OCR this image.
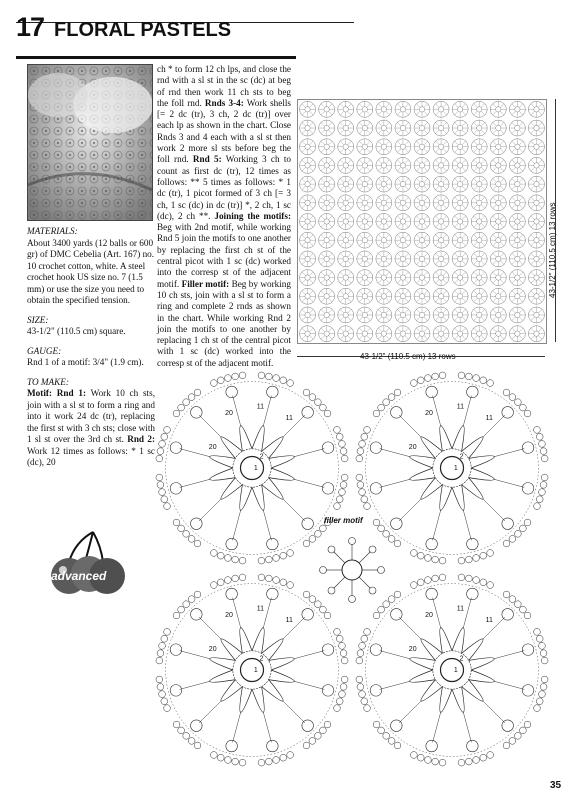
17 FLORAL PASTELS

MATERIALS:
About 3400 yards (12 balls or 600 gr) of DMC Cebelia (Art. 167) no. 10 crochet cotton, white. A steel crochet hook US size no. 7 (1.5 mm) or use the size you need to obtain the specified tension.

SIZE:
43-1/2" (110.5 cm) square.

GAUGE:
Rnd 1 of a motif: 3/4" (1.9 cm).

TO MAKE:
Motif: Rnd 1: Work 10 ch sts, join with a sl st to form a ring and into it work 24 dc (tr), replacing the first st with 3 ch sts; close with 1 sl st over the 3rd ch st. Rnd 2: Work 12 times as follows: * 1 sc (dc), 20

ch * to form 12 ch lps, and close the rnd with a sl st in the sc (dc) at beg of rnd then work 11 ch sts to beg the foll rnd. Rnds 3-4: Work shells [= 2 dc (tr), 3 ch, 2 dc (tr)] over each lp as shown in the chart. Close Rnds 3 and 4 each with a sl st then work 2 more sl sts before beg the foll rnd. Rnd 5: Working 3 ch to count as first dc (tr), 12 times as follows: ** 5 times as follows: * 1 dc (tr), 1 picot formed of 3 ch [= 3 ch, 1 sc (dc) in dc (tr)] *, 2 ch, 1 sc (dc), 2 ch **. Joining the motifs: Beg with 2nd motif, while working Rnd 5 join the motifs to one another by replacing the first ch st of the central picot with 1 sc (dc) worked into the corresp st of the adjacent motif. Filler motif: Beg by working 10 ch sts, join with a sl st to form a ring and complete 2 rnds as shown in the chart. While working Rnd 2 join the motifs to one another by replacing 1 ch st of the central picot with 1 sc (dc) worked into the corresp st of the adjacent motif.

43-1/2" (110.5 cm) 13 rows
43-1/2" (110.5 cm) 13 rows
advanced
20
11
11
20
2
1
20
11
11
20
2
1
20
11
11
20
2
1
20
11
11
20
2
1
filler motif
35
